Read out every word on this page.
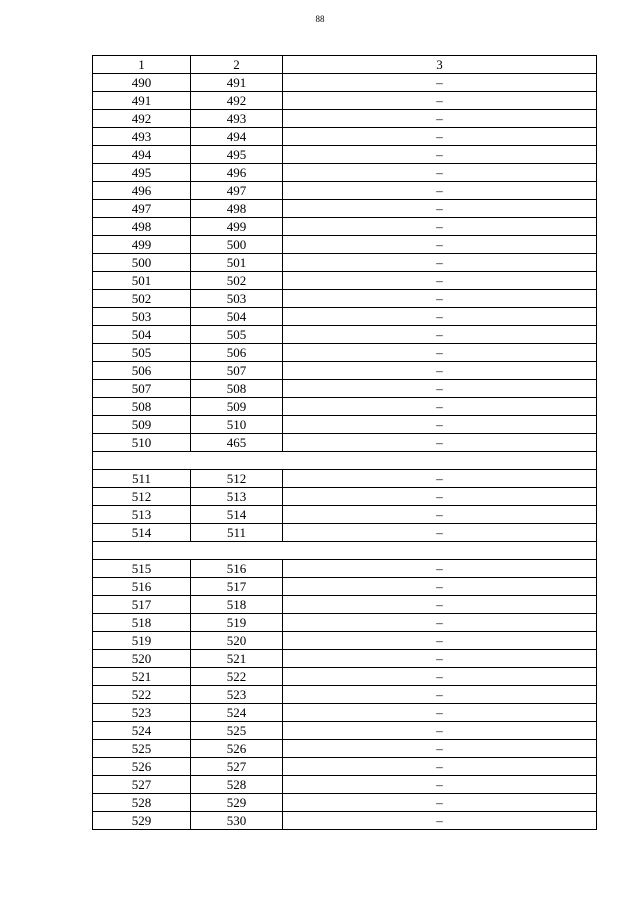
88
1	2	3
490	491	–
491	492	–
492	493	–
493	494	–
494	495	–
495	496	–
496	497	–
497	498	–
498	499	–
499	500	–
500	501	–
501	502	–
502	503	–
503	504	–
504	505	–
505	506	–
506	507	–
507	508	–
508	509	–
509	510	–
510	465	–

511	512	–
512	513	–
513	514	–
514	511	–

515	516	–
516	517	–
517	518	–
518	519	–
519	520	–
520	521	–
521	522	–
522	523	–
523	524	–
524	525	–
525	526	–
526	527	–
527	528	–
528	529	–
529	530	–
